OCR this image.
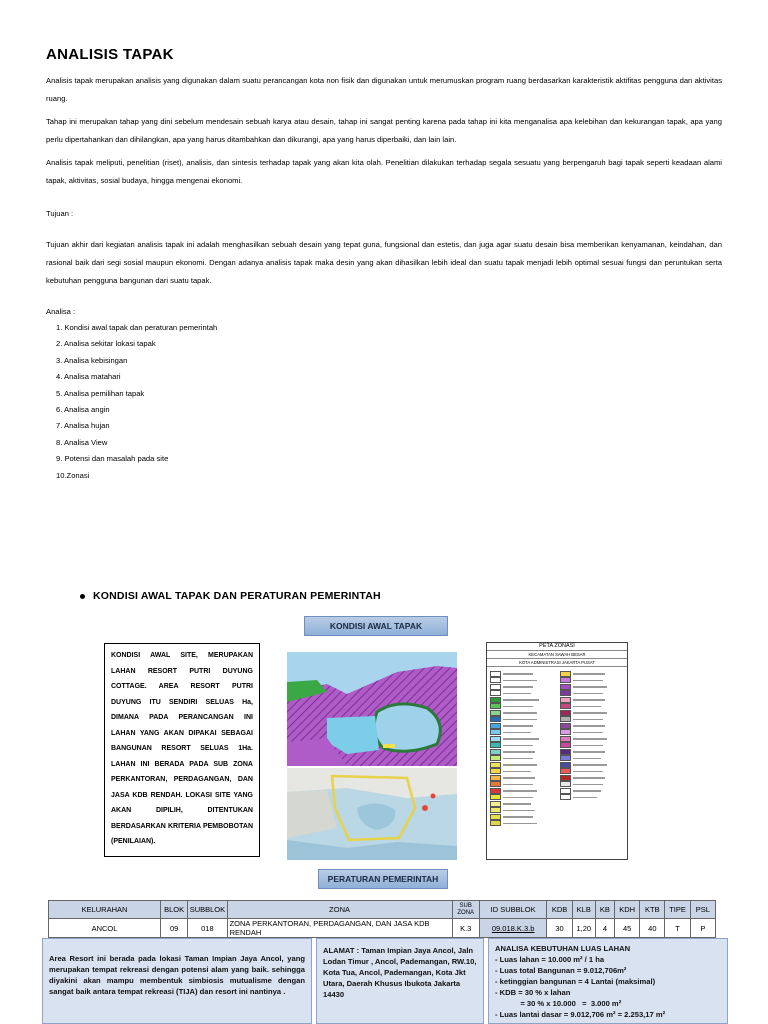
ANALISIS TAPAK

Analisis tapak merupakan analisis yang digunakan dalam suatu perancangan kota non fisik dan digunakan untuk merumuskan program ruang berdasarkan karakteristik aktifitas pengguna dan aktivitas ruang.

Tahap ini merupakan tahap yang dini sebelum mendesain sebuah karya atau desain, tahap ini sangat penting karena pada tahap ini kita menganalisa apa kelebihan dan kekurangan tapak, apa yang perlu dipertahankan dan dihilangkan, apa yang harus ditambahkan dan dikurangi, apa yang harus diperbaiki, dan lain lain.

Analisis tapak meliputi, penelitian (riset), analisis, dan sintesis terhadap tapak yang akan kita olah. Penelitian dilakukan terhadap segala sesuatu yang berpengaruh bagi tapak seperti keadaan alami tapak, aktivitas, sosial budaya, hingga mengenai ekonomi.

Tujuan :

Tujuan akhir dari kegiatan analisis tapak ini adalah menghasilkan sebuah desain yang tepat guna, fungsional dan estetis, dan juga agar suatu desain bisa memberikan kenyamanan, keindahan, dan rasional baik dari segi sosial maupun ekonomi. Dengan adanya analisis tapak maka desin yang akan dihasilkan lebih ideal dan suatu tapak menjadi lebih optimal sesuai fungsi dan peruntukan serta kebutuhan pengguna bangunan dari suatu tapak.

Analisa :

1. Kondisi awal tapak dan peraturan pemerintah
2. Analisa sekitar lokasi tapak
3. Analisa kebisingan
4. Analisa matahari
5. Analisa pemilihan tapak
6. Analisa angin
7. Analisa hujan
8. Analisa View
9. Potensi dan masalah pada site
10.Zonasi
KONDISI AWAL TAPAK DAN PERATURAN PEMERINTAH
KONDISI AWAL TAPAK
KONDISI AWAL SITE, MERUPAKAN LAHAN RESORT PUTRI DUYUNG COTTAGE. AREA RESORT PUTRI DUYUNG ITU SENDIRI SELUAS Ha, DIMANA PADA PERANCANGAN INI LAHAN YANG AKAN DIPAKAI SEBAGAI BANGUNAN RESORT SELUAS 1Ha. LAHAN INI BERADA PADA SUB ZONA PERKANTORAN, PERDAGANGAN, DAN JASA KDB RENDAH. LOKASI SITE YANG AKAN DIPILIH, DITENTUKAN BERDASARKAN KRITERIA PEMBOBOTAN (PENILAIAN).
PETA ZONASI
KECAMATAN SAWAH BESAR
KOTA ADMINISTRASI JAKARTA PUSAT
PERATURAN PEMERINTAH
KELURAHAN	BLOK	SUBBLOK	ZONA	SUB ZONA	ID SUBBLOK	KDB	KLB	KB	KDH	KTB	TIPE	PSL
ANCOL	09	018	ZONA PERKANTORAN, PERDAGANGAN, DAN JASA KDB RENDAH	K.3	09.018.K.3.b	30	1,20	4	45	40	T	P
Area Resort ini berada pada lokasi Taman Impian Jaya Ancol, yang merupakan tempat rekreasi dengan potensi alam yang baik. sehingga diyakini akan mampu membentuk simbiosis mutualisme dengan sangat baik antara tempat rekreasi (TIJA) dan resort ini nantinya .
ALAMAT : Taman Impian Jaya Ancol, Jaln Lodan Timur , Ancol, Pademangan, RW.10, Kota Tua, Ancol, Pademangan, Kota Jkt Utara, Daerah Khusus Ibukota Jakarta 14430
ANALISA KEBUTUHAN LUAS LAHAN
- Luas lahan = 10.000 m² / 1 ha
- Luas total Bangunan = 9.012,706m²
- ketinggian bangunan = 4 Lantai (maksimal)
- KDB = 30 % x lahan
= 30 % x 10.000   =  3.000 m²
- Luas lantai dasar = 9.012,706 m² = 2.253,17 m²
